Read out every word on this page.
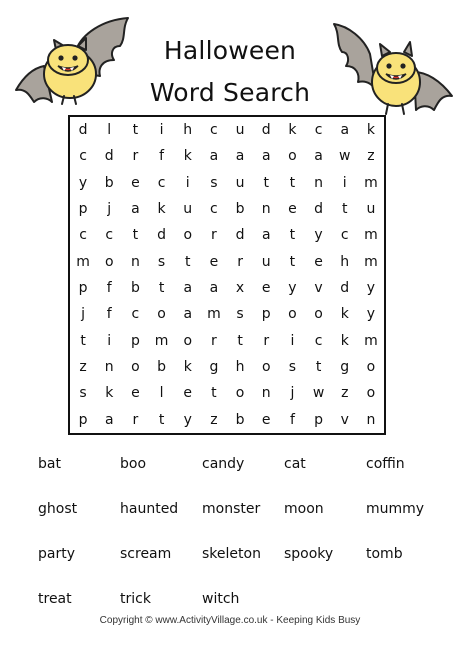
Halloween
Word Search
d	l	t	i	h	c	u	d	k	c	a	k
c	d	r	f	k	a	a	a	o	a	w	z
y	b	e	c	i	s	u	t	t	n	i	m
p	j	a	k	u	c	b	n	e	d	t	u
c	c	t	d	o	r	d	a	t	y	c	m
m	o	n	s	t	e	r	u	t	e	h	m
p	f	b	t	a	a	x	e	y	v	d	y
j	f	c	o	a	m	s	p	o	o	k	y
t	i	p	m	o	r	t	r	i	c	k	m
z	n	o	b	k	g	h	o	s	t	g	o
s	k	e	l	e	t	o	n	j	w	z	o
p	a	r	t	y	z	b	e	f	p	v	n
bat	boo	candy	cat	coffin
ghost	haunted	monster	moon	mummy
party	scream	skeleton	spooky	tomb
treat	trick	witch
Copyright © www.ActivityVillage.co.uk - Keeping Kids Busy
